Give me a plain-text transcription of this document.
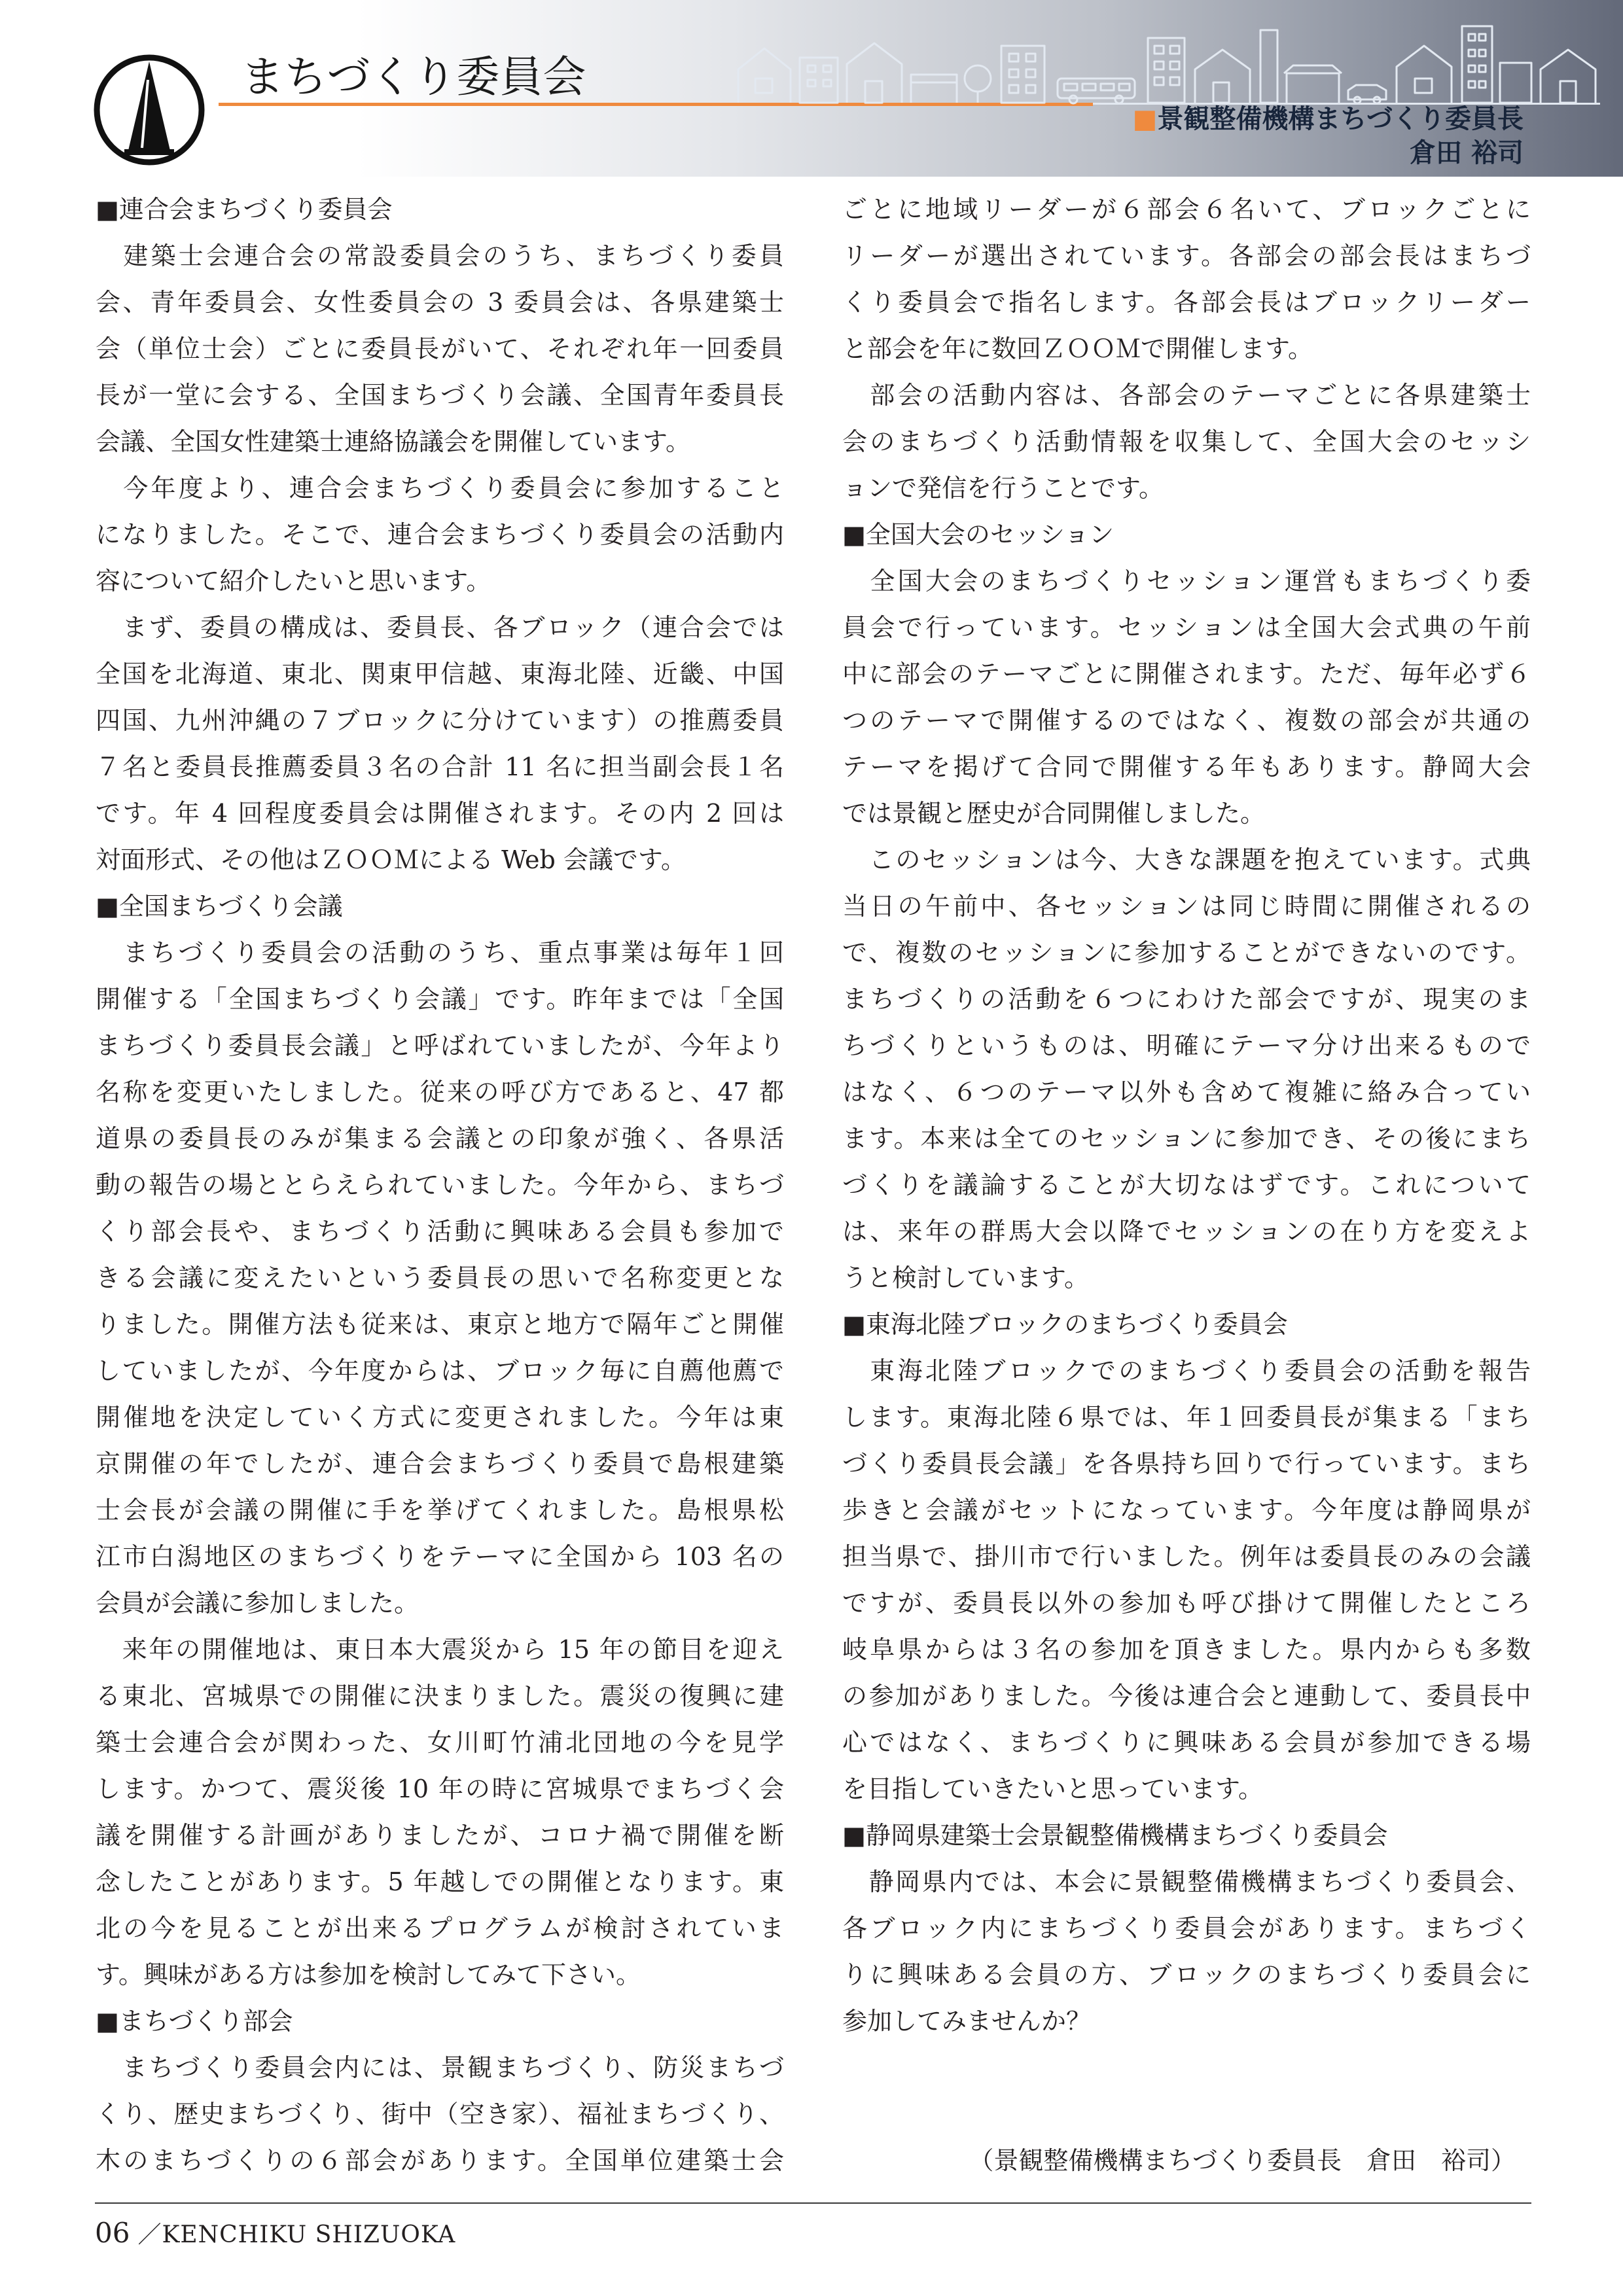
まちづくり委員会
■景観整備機構まちづくり委員長
倉田 裕司
■連合会まちづくり委員会
　建築士会連合会の常設委員会のうち、まちづくり委員
会、青年委員会、女性委員会の 3 委員会は、各県建築士
会（単位士会）ごとに委員長がいて、それぞれ年一回委員
長が一堂に会する、全国まちづくり会議、全国青年委員長
会議、全国女性建築士連絡協議会を開催しています。
　今年度より、連合会まちづくり委員会に参加すること
になりました。そこで、連合会まちづくり委員会の活動内
容について紹介したいと思います。
　まず、委員の構成は、委員長、各ブロック（連合会では
全国を北海道、東北、関東甲信越、東海北陸、近畿、中国
四国、九州沖縄の７ブロックに分けています）の推薦委員
７名と委員長推薦委員３名の合計 11 名に担当副会長１名
です。年 4 回程度委員会は開催されます。その内 2 回は
対面形式、その他はＺＯＯＭによる Web 会議です。
■全国まちづくり会議
　まちづくり委員会の活動のうち、重点事業は毎年１回
開催する「全国まちづくり会議」です。昨年までは「全国
まちづくり委員長会議」と呼ばれていましたが、今年より
名称を変更いたしました。従来の呼び方であると、47 都
道県の委員長のみが集まる会議との印象が強く、各県活
動の報告の場ととらえられていました。今年から、まちづ
くり部会長や、まちづくり活動に興味ある会員も参加で
きる会議に変えたいという委員長の思いで名称変更とな
りました。開催方法も従来は、東京と地方で隔年ごと開催
していましたが、今年度からは、ブロック毎に自薦他薦で
開催地を決定していく方式に変更されました。今年は東
京開催の年でしたが、連合会まちづくり委員で島根建築
士会長が会議の開催に手を挙げてくれました。島根県松
江市白潟地区のまちづくりをテーマに全国から 103 名の
会員が会議に参加しました。
　来年の開催地は、東日本大震災から 15 年の節目を迎え
る東北、宮城県での開催に決まりました。震災の復興に建
築士会連合会が関わった、女川町竹浦北団地の今を見学
します。かつて、震災後 10 年の時に宮城県でまちづく会
議を開催する計画がありましたが、コロナ禍で開催を断
念したことがあります。5 年越しでの開催となります。東
北の今を見ることが出来るプログラムが検討されていま
す。興味がある方は参加を検討してみて下さい。
■まちづくり部会
　まちづくり委員会内には、景観まちづくり、防災まちづ
くり、歴史まちづくり、街中（空き家）、福祉まちづくり、
木のまちづくりの６部会があります。全国単位建築士会
ごとに地域リーダーが６部会６名いて、ブロックごとに
リーダーが選出されています。各部会の部会長はまちづ
くり委員会で指名します。各部会長はブロックリーダー
と部会を年に数回ＺＯＯＭで開催します。
　部会の活動内容は、各部会のテーマごとに各県建築士
会のまちづくり活動情報を収集して、全国大会のセッシ
ョンで発信を行うことです。
■全国大会のセッション
　全国大会のまちづくりセッション運営もまちづくり委
員会で行っています。セッションは全国大会式典の午前
中に部会のテーマごとに開催されます。ただ、毎年必ず６
つのテーマで開催するのではなく、複数の部会が共通の
テーマを掲げて合同で開催する年もあります。静岡大会
では景観と歴史が合同開催しました。
　このセッションは今、大きな課題を抱えています。式典
当日の午前中、各セッションは同じ時間に開催されるの
で、複数のセッションに参加することができないのです。
まちづくりの活動を６つにわけた部会ですが、現実のま
ちづくりというものは、明確にテーマ分け出来るもので
はなく、６つのテーマ以外も含めて複雑に絡み合ってい
ます。本来は全てのセッションに参加でき、その後にまち
づくりを議論することが大切なはずです。これについて
は、来年の群馬大会以降でセッションの在り方を変えよ
うと検討しています。
■東海北陸ブロックのまちづくり委員会
　東海北陸ブロックでのまちづくり委員会の活動を報告
します。東海北陸６県では、年１回委員長が集まる「まち
づくり委員長会議」を各県持ち回りで行っています。まち
歩きと会議がセットになっています。今年度は静岡県が
担当県で、掛川市で行いました。例年は委員長のみの会議
ですが、委員長以外の参加も呼び掛けて開催したところ
岐阜県からは３名の参加を頂きました。県内からも多数
の参加がありました。今後は連合会と連動して、委員長中
心ではなく、まちづくりに興味ある会員が参加できる場
を目指していきたいと思っています。
■静岡県建築士会景観整備機構まちづくり委員会
　静岡県内では、本会に景観整備機構まちづくり委員会、
各ブロック内にまちづくり委員会があります。まちづく
りに興味ある会員の方、ブロックのまちづくり委員会に
参加してみませんか？
（景観整備機構まちづくり委員長　倉田　裕司）
06 ／KENCHIKU SHIZUOKA
